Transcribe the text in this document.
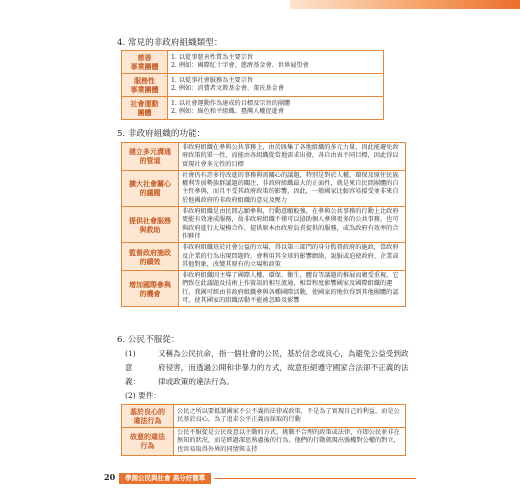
4. 常見的非政府組織類型：
慈善
事業團體	1. 以從事慈善性質為主要宗旨
2. 例如：國際紅十字會、慈濟基金會、世界展望會

服務性
事業團體	1. 以從事社會服務為主要宗旨
2. 例如：消費者文教基金會、董氏基金會

社會運動
團體	1. 以社會運動作為達成的目標及宗旨的團體
2. 例如：綠色和平組織、臺灣人權促進會
5. 非政府組織的功能：
建立多元溝通
的管道	非政府組織在參與公共事務上，由於匯集了各地組織的多元力量，因此能避免政府政策的單一性，而能由各組織從當地需求出發，各自由表不同目標，因此得以實現社會多元性的目標

擴大社會關心
的議題	社會仍有許多待改進的事務與需關心的議題，特別是對於人權、環保及原住民族權利等弱勢族群議題的關注，非政府組織最大的正面性，就是來自民間團體的自主性參與，而且不受其政府政策的影響，因此，一般國家比較容易接受並非來自於他國政府的非政府組織的意見及壓力

提供社會服務
與救助	非政府組織是由民間志願參與，行動意願較強，在參與公共事務的行動上比政府更能有效達成服務，故非政府組織不僅可以協助個人參與更多的公共事務，也可與政府進行大規模合作，提供原本由政府負責提供的服務，或為政府有效率的合作夥伴

監督政府施政
的績效	非政府組織基於社會公益的立場，得以第三部門的身分監督政府的施政，當政府及企業的行為出現問題時，會利用其全球的影響網絡，說服或迫使政府、企業或其他對象，改變其原有的立場和政策

增加國際參與
的機會	非政府組織因主導了國際人權、環保、衛生、體育等議題的推展而廣受重視，它們致在此議題及技術上作資訊的相互流通，相當程度影響國家及國際組織的運行，我國可經由非政府組織參與各種國際活動，使國家的地位得到其他團體的認可，使其國家的組織活動不能被忽略及影響
6. 公民不服從：
(1) 意義：
又稱為公民抗命，指一個社會的公民，基於信念或良心，為避免公益受到政府侵害，而透過公開和非暴力的方式，故意拒絕遵守國家合法卻不正義的法律或政策的違法行為。
(2) 要件：
基於良心的
違法行為	公民之所以要抵制國家不公不義的法律或政策，不是為了實現自己的利益，而是公民基於良心，為了追求公平正義而採取的行動

故意的違法
行為	公民不服從是公民故意以主動的方式，挑戰不合理的政策或法律，亦即公民並非在無知的狀況，而是經過深思熟慮後的行為，他們的行動就現出強權對公權的對立，也容易取得外界的同情與支持
20	學測公民與社會 高分好簡單
